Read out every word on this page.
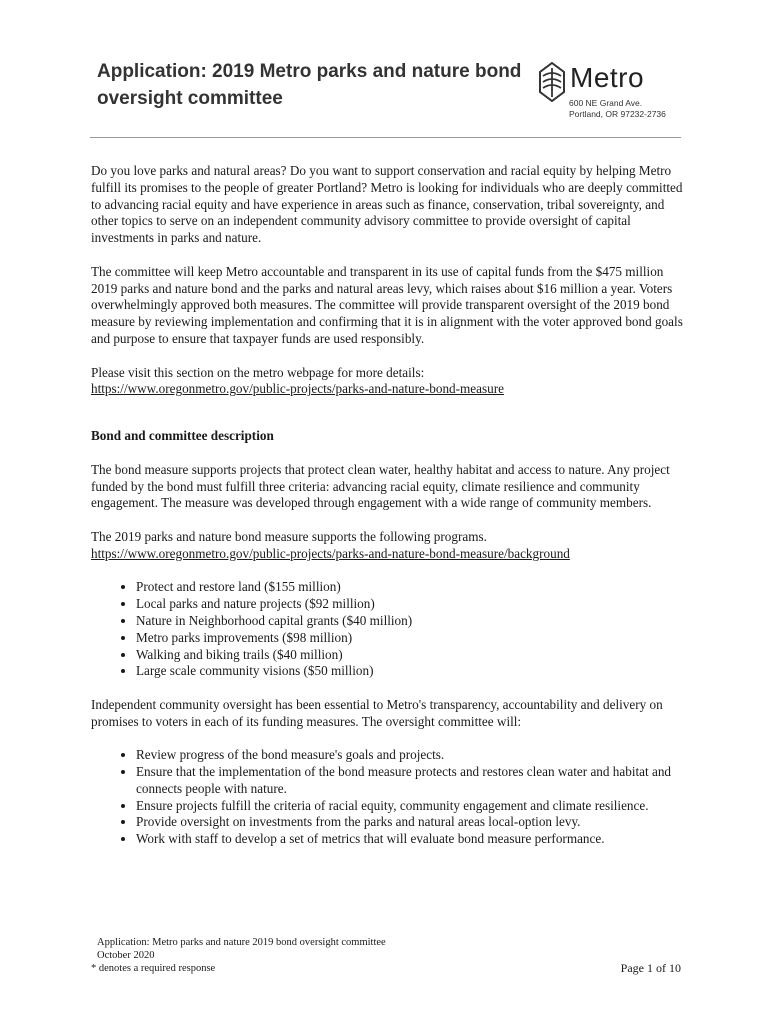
Application: 2019 Metro parks and nature bond oversight committee
Metro
600 NE Grand Ave.
Portland, OR 97232-2736

Do you love parks and natural areas? Do you want to support conservation and racial equity by helping Metro fulfill its promises to the people of greater Portland? Metro is looking for individuals who are deeply committed to advancing racial equity and have experience in areas such as finance, conservation, tribal sovereignty, and other topics to serve on an independent community advisory committee to provide oversight of capital investments in parks and nature.

The committee will keep Metro accountable and transparent in its use of capital funds from the $475 million 2019 parks and nature bond and the parks and natural areas levy, which raises about $16 million a year. Voters overwhelmingly approved both measures. The committee will provide transparent oversight of the 2019 bond measure by reviewing implementation and confirming that it is in alignment with the voter approved bond goals and purpose to ensure that taxpayer funds are used responsibly.

Please visit this section on the metro webpage for more details:
https://www.oregonmetro.gov/public-projects/parks-and-nature-bond-measure

Bond and committee description

The bond measure supports projects that protect clean water, healthy habitat and access to nature. Any project funded by the bond must fulfill three criteria: advancing racial equity, climate resilience and community engagement. The measure was developed through engagement with a wide range of community members.

The 2019 parks and nature bond measure supports the following programs.
https://www.oregonmetro.gov/public-projects/parks-and-nature-bond-measure/background

• Protect and restore land ($155 million)
• Local parks and nature projects ($92 million)
• Nature in Neighborhood capital grants ($40 million)
• Metro parks improvements ($98 million)
• Walking and biking trails ($40 million)
• Large scale community visions ($50 million)

Independent community oversight has been essential to Metro's transparency, accountability and delivery on promises to voters in each of its funding measures. The oversight committee will:

• Review progress of the bond measure's goals and projects.
• Ensure that the implementation of the bond measure protects and restores clean water and habitat and connects people with nature.
• Ensure projects fulfill the criteria of racial equity, community engagement and climate resilience.
• Provide oversight on investments from the parks and natural areas local-option levy.
• Work with staff to develop a set of metrics that will evaluate bond measure performance.
Application: Metro parks and nature 2019 bond oversight committee
October 2020
* denotes a required response	Page 1 of 10
